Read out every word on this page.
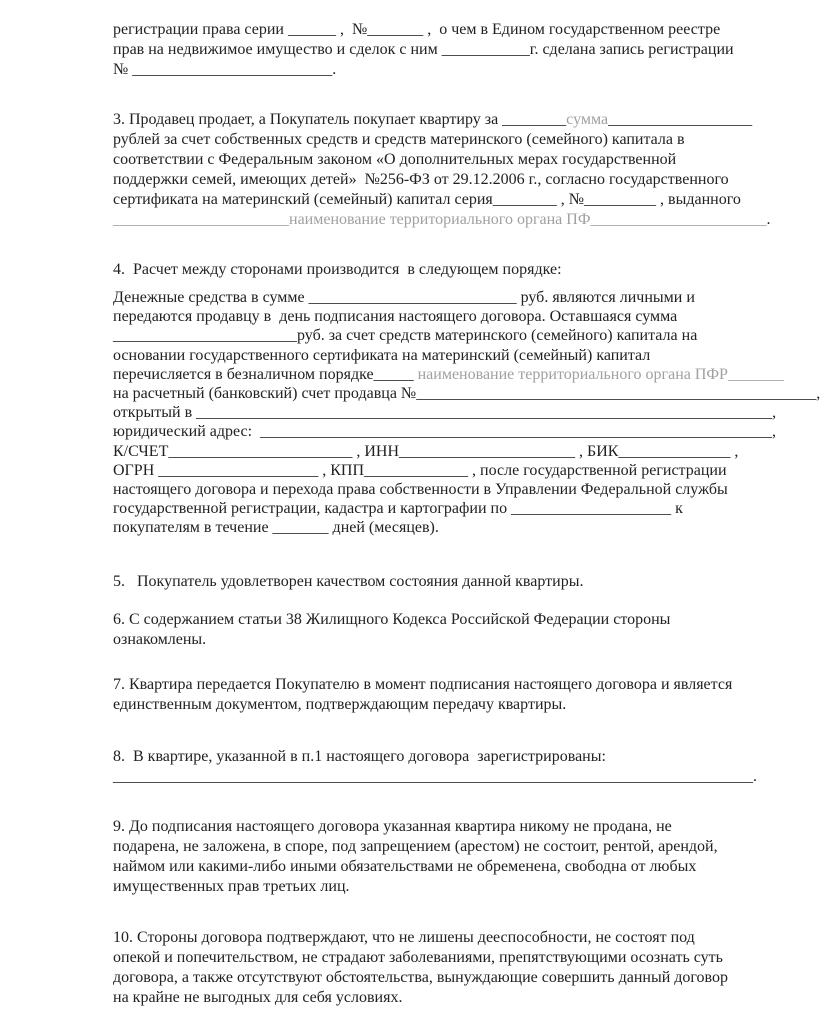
регистрации права серии ______ ,  №_______ ,  о чем в Едином государственном реестре
прав на недвижимое имущество и сделок с ним ___________г. сделана запись регистрации
№ _________________________.
3. Продавец продает, а Покупатель покупает квартиру за ________сумма__________________
рублей за счет собственных средств и средств материнского (семейного) капитала в
соответствии с Федеральным законом «О дополнительных мерах государственной
поддержки семей, имеющих детей»  №256-ФЗ от 29.12.2006 г., согласно государственного
сертификата на материнский (семейный) капитал серия________ , №_________ , выданного
______________________наименование территориального органа ПФ______________________.
4.  Расчет между сторонами производится  в следующем порядке:
Денежные средства в сумме __________________________ руб. являются личными и
передаются продавцу в  день подписания настоящего договора. Оставшаяся сумма
_______________________руб. за счет средств материнского (семейного) капитала на
основании государственного сертификата на материнский (семейный) капитал
перечисляется в безналичном порядке_____ наименование территориального органа ПФР_______
на расчетный (банковский) счет продавца №__________________________________________________,
открытый в ________________________________________________________________________,
юридический адрес:  ________________________________________________________________,
К/СЧЕТ_______________________ , ИНН______________________ , БИК______________ ,
ОГРН ____________________ , КПП_____________ , после государственной регистрации
настоящего договора и перехода права собственности в Управлении Федеральной службы
государственной регистрации, кадастра и картографии по ____________________ к
покупателям в течение _______ дней (месяцев).
5.   Покупатель удовлетворен качеством состояния данной квартиры.
6. С содержанием статьи 38 Жилищного Кодекса Российской Федерации стороны
ознакомлены.
7. Квартира передается Покупателю в момент подписания настоящего договора и является
единственным документом, подтверждающим передачу квартиры.
8.  В квартире, указанной в п.1 настоящего договора  зарегистрированы:
________________________________________________________________________________.
9. До подписания настоящего договора указанная квартира никому не продана, не
подарена, не заложена, в споре, под запрещением (арестом) не состоит, рентой, арендой,
наймом или какими-либо иными обязательствами не обременена, свободна от любых
имущественных прав третьих лиц.
10. Стороны договора подтверждают, что не лишены дееспособности, не состоят под
опекой и попечительством, не страдают заболеваниями, препятствующими осознать суть
договора, а также отсутствуют обстоятельства, вынуждающие совершить данный договор
на крайне не выгодных для себя условиях.
